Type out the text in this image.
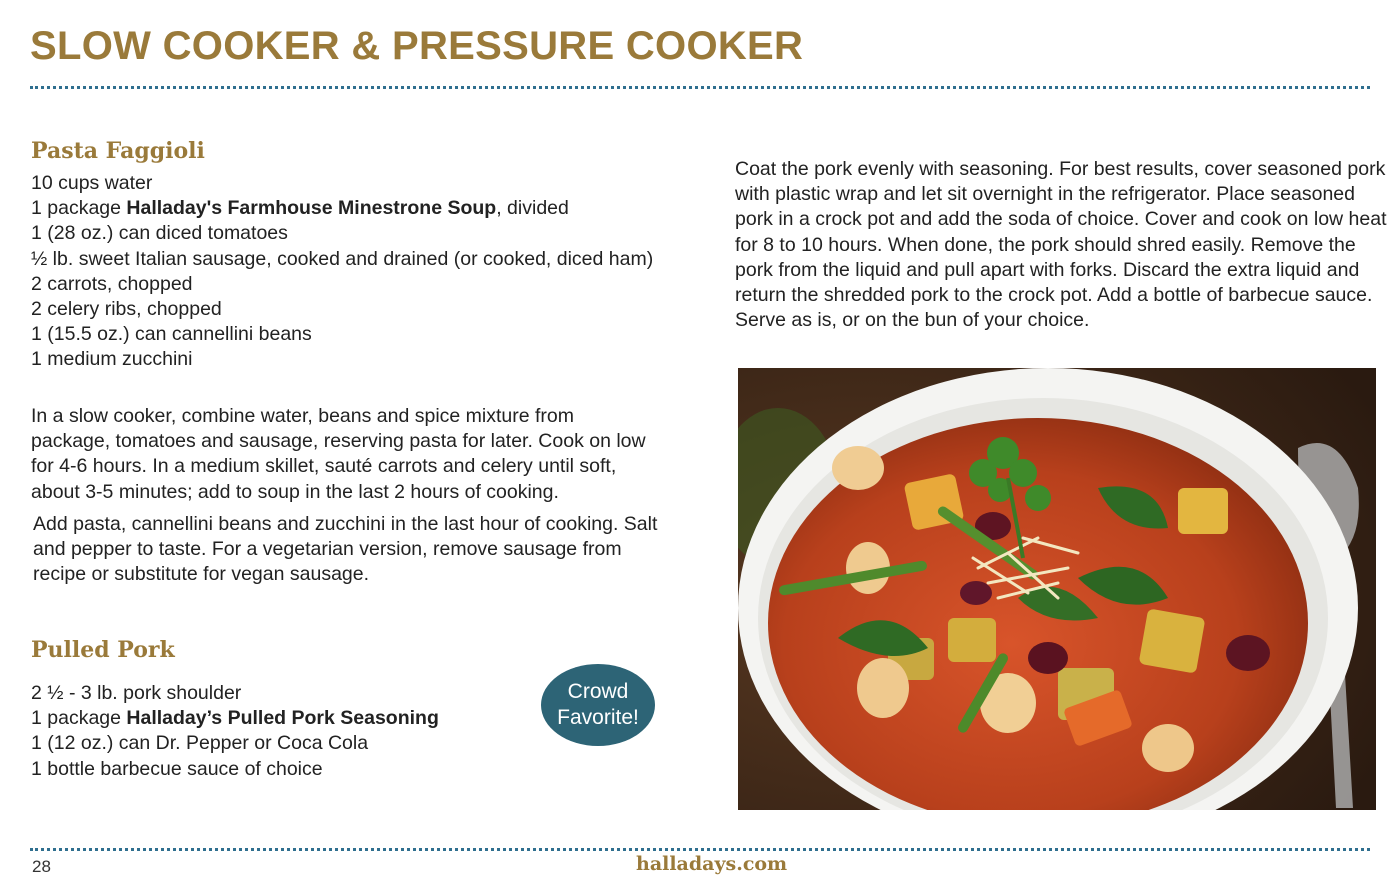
SLOW COOKER & PRESSURE COOKER
Pasta Faggioli
10 cups water
1 package Halladay's Farmhouse Minestrone Soup, divided
1 (28 oz.) can diced tomatoes
½ lb. sweet Italian sausage, cooked and drained (or cooked, diced ham)
2 carrots, chopped
2 celery ribs, chopped
1 (15.5 oz.) can cannellini beans
1 medium zucchini

In a slow cooker, combine water, beans and spice mixture from package, tomatoes and sausage, reserving pasta for later. Cook on low for 4-6 hours. In a medium skillet, sauté carrots and celery until soft, about 3-5 minutes; add to soup in the last 2 hours of cooking.

Add pasta, cannellini beans and zucchini in the last hour of cooking. Salt and pepper to taste. For a vegetarian version, remove sausage from recipe or substitute for vegan sausage.

Pulled Pork
2 ½ - 3 lb. pork shoulder
1 package Halladay’s Pulled Pork Seasoning
1 (12 oz.) can Dr. Pepper or Coca Cola
1 bottle barbecue sauce of choice
Crowd
Favorite!

Coat the pork evenly with seasoning. For best results, cover seasoned pork with plastic wrap and let sit overnight in the refrigerator. Place seasoned pork in a crock pot and add the soda of choice. Cover and cook on low heat for 8 to 10 hours. When done, the pork should shred easily. Remove the pork from the liquid and pull apart with forks. Discard the extra liquid and return the shredded pork to the crock pot. Add a bottle of barbecue sauce. Serve as is, or on the bun of your choice.

28	halladays.com
